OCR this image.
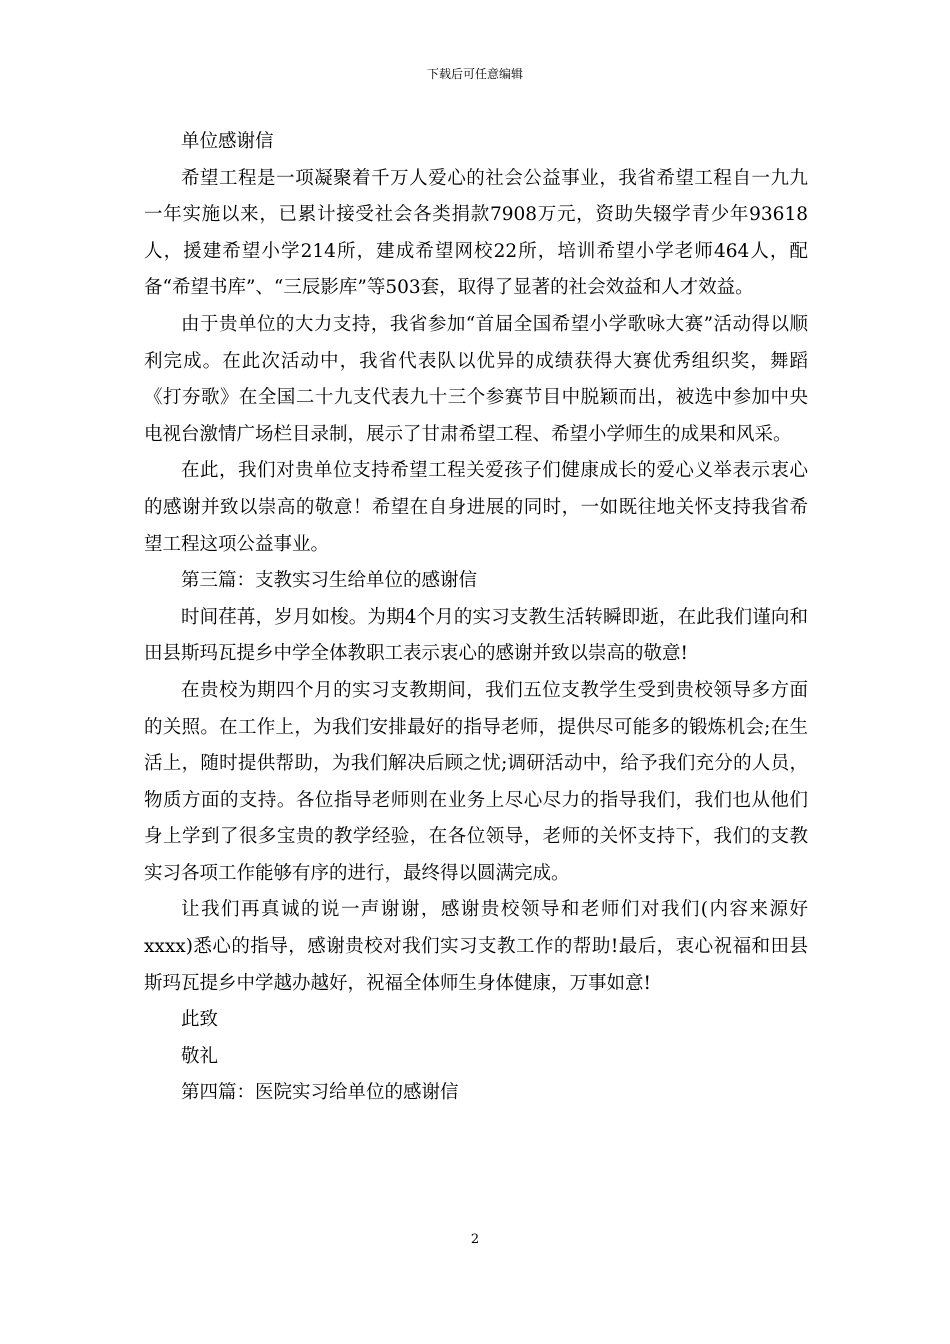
下载后可任意编辑

单位感谢信

希望工程是一项凝聚着千万人爱心的社会公益事业，我省希望工程自一九九一年实施以来，已累计接受社会各类捐款7908万元，资助失辍学青少年93618人，援建希望小学214所，建成希望网校22所，培训希望小学老师464人，配备“希望书库”、“三辰影库”等503套，取得了显著的社会效益和人才效益。

由于贵单位的大力支持，我省参加“首届全国希望小学歌咏大赛”活动得以顺利完成。在此次活动中，我省代表队以优异的成绩获得大赛优秀组织奖，舞蹈《打夯歌》在全国二十九支代表九十三个参赛节目中脱颖而出，被选中参加中央电视台激情广场栏目录制，展示了甘肃希望工程、希望小学师生的成果和风采。

在此，我们对贵单位支持希望工程关爱孩子们健康成长的爱心义举表示衷心的感谢并致以崇高的敬意！希望在自身进展的同时，一如既往地关怀支持我省希望工程这项公益事业。

第三篇：支教实习生给单位的感谢信

时间荏苒，岁月如梭。为期4个月的实习支教生活转瞬即逝，在此我们谨向和田县斯玛瓦提乡中学全体教职工表示衷心的感谢并致以崇高的敬意!

在贵校为期四个月的实习支教期间，我们五位支教学生受到贵校领导多方面的关照。在工作上，为我们安排最好的指导老师，提供尽可能多的锻炼机会;在生活上，随时提供帮助，为我们解决后顾之忧;调研活动中，给予我们充分的人员，物质方面的支持。各位指导老师则在业务上尽心尽力的指导我们，我们也从他们身上学到了很多宝贵的教学经验，在各位领导，老师的关怀支持下，我们的支教实习各项工作能够有序的进行，最终得以圆满完成。

让我们再真诚的说一声谢谢，感谢贵校领导和老师们对我们(内容来源好xxxx)悉心的指导，感谢贵校对我们实习支教工作的帮助!最后，衷心祝福和田县斯玛瓦提乡中学越办越好，祝福全体师生身体健康，万事如意!

此致

敬礼

第四篇：医院实习给单位的感谢信

2
